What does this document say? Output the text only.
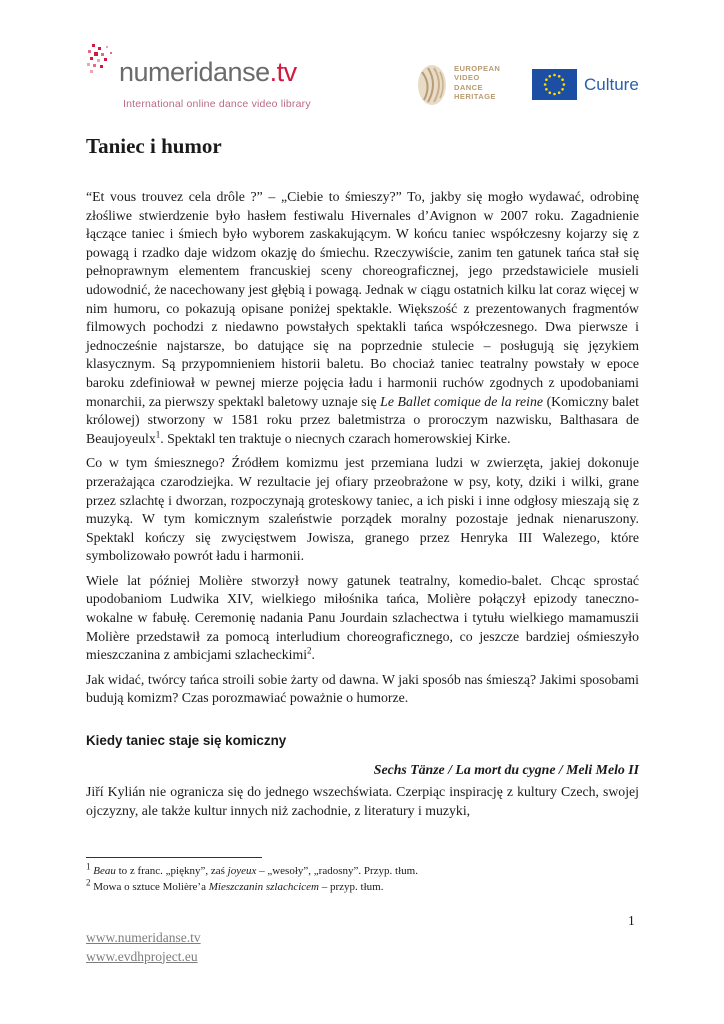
numeridanse.tv
International online dance video library
EUROPEAN
VIDEO
DANCE
HERITAGE
Culture
Taniec i humor

“Et vous trouvez cela drôle ?” – „Ciebie to śmieszy?” To, jakby się mogło wydawać, odrobinę złośliwe stwierdzenie było hasłem festiwalu Hivernales d’Avignon w 2007 roku. Zagadnienie łączące taniec i śmiech było wyborem zaskakującym. W końcu taniec współczesny kojarzy się z powagą i rzadko daje widzom okazję do śmiechu. Rzeczywiście, zanim ten gatunek tańca stał się pełnoprawnym elementem francuskiej sceny choreograficznej, jego przedstawiciele musieli udowodnić, że nacechowany jest głębią i powagą. Jednak w ciągu ostatnich kilku lat coraz więcej w nim humoru, co pokazują opisane poniżej spektakle. Większość z prezentowanych fragmentów filmowych pochodzi z niedawno powstałych spektakli tańca współczesnego. Dwa pierwsze i jednocześnie najstarsze, bo datujące się na poprzednie stulecie – posługują się językiem klasycznym. Są przypomnieniem historii baletu. Bo chociaż taniec teatralny powstały w epoce baroku zdefiniował w pewnej mierze pojęcia ładu i harmonii ruchów zgodnych z upodobaniami monarchii, za pierwszy spektakl baletowy uznaje się Le Ballet comique de la reine (Komiczny balet królowej) stworzony w 1581 roku przez baletmistrza o proroczym nazwisku, Balthasara de Beaujoyeulx$^1$. Spektakl ten traktuje o niecnych czarach homerowskiej Kirke.

Co w tym śmiesznego? Źródłem komizmu jest przemiana ludzi w zwierzęta, jakiej dokonuje przerażająca czarodziejka. W rezultacie jej ofiary przeobrażone w psy, koty, dziki i wilki, grane przez szlachtę i dworzan, rozpoczynają groteskowy taniec, a ich piski i inne odgłosy mieszają się z muzyką. W tym komicznym szaleństwie porządek moralny pozostaje jednak nienaruszony. Spektakl kończy się zwycięstwem Jowisza, granego przez Henryka III Walezego, które symbolizowało powrót ładu i harmonii.

Wiele lat później Molière stworzył nowy gatunek teatralny, komedio-balet. Chcąc sprostać upodobaniom Ludwika XIV, wielkiego miłośnika tańca, Molière połączył epizody taneczno-wokalne w fabułę. Ceremonię nadania Panu Jourdain szlachectwa i tytułu wielkiego mamamuszii Molière przedstawił za pomocą interludium choreograficznego, co jeszcze bardziej ośmieszyło mieszczanina z ambicjami szlacheckimi$^2$.

Jak widać, twórcy tańca stroili sobie żarty od dawna. W jaki sposób nas śmieszą? Jakimi sposobami budują komizm? Czas porozmawiać poważnie o humorze.

Kiedy taniec staje się komiczny
Sechs Tänze / La mort du cygne / Meli Melo II

Jiří Kylián nie ogranicza się do jednego wszechświata. Czerpiąc inspirację z kultury Czech, swojej ojczyzny, ale także kultur innych niż zachodnie, z literatury i muzyki,

$^1$ Beau to z franc. „piękny”, zaś joyeux – „wesoły”, „radosny”. Przyp. tłum.

$^2$ Mowa o sztuce Molière’a Mieszczanin szlachcicem – przyp. tłum.

1
www.numeridanse.tv
www.evdhproject.eu
